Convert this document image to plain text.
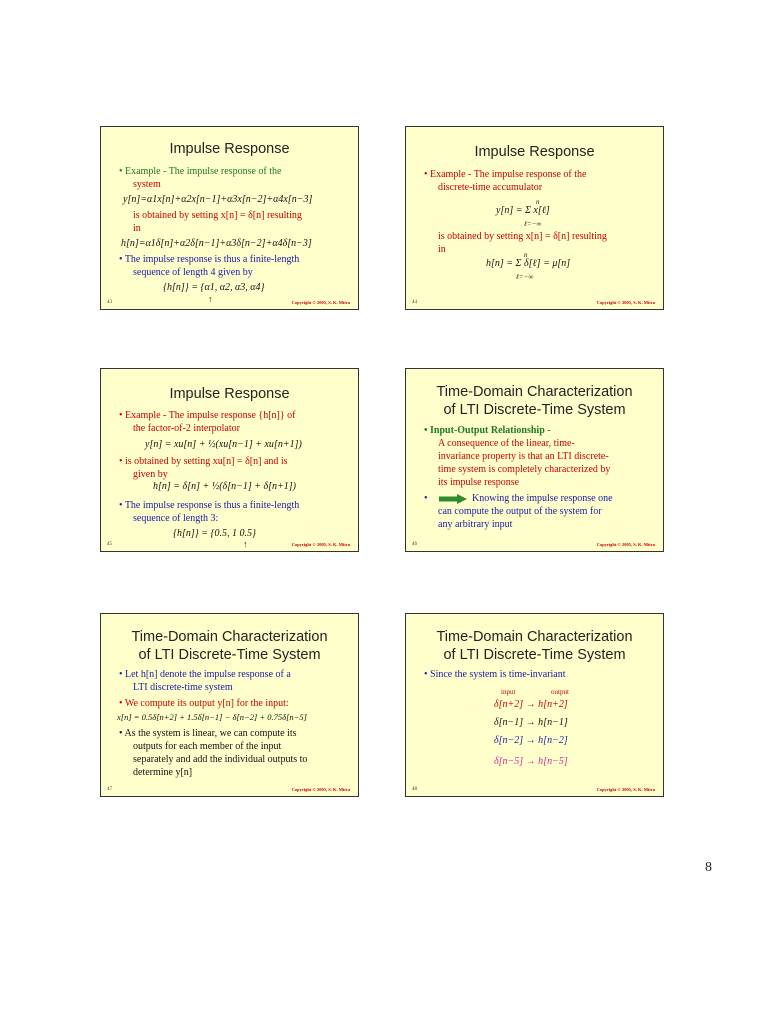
Impulse Response
• Example - The impulse response of the
system
y[n]=α1x[n]+α2x[n−1]+α3x[n−2]+α4x[n−3]
is obtained by setting x[n] = δ[n] resulting
in
h[n]=α1δ[n]+α2δ[n−1]+α3δ[n−2]+α4δ[n−3]
• The impulse response is thus a finite-length
sequence of length 4 given by
{h[n]} = {α1, α2, α3, α4}
↑
43	Copyright © 2005, S. K. Mitra
Impulse Response
• Example - The impulse response of the
discrete-time accumulator
n
y[n] = Σ x[ℓ]
ℓ=−∞
is obtained by setting x[n] = δ[n] resulting
in	n
h[n] = Σ δ[ℓ] = μ[n]
ℓ=−∞
44	Copyright © 2005, S. K. Mitra
Impulse Response
• Example - The impulse response {h[n]} of
the factor-of-2 interpolator
y[n] = xu[n] + ½(xu[n−1] + xu[n+1])
• is obtained by setting xu[n] = δ[n] and is
given by
h[n] = δ[n] + ½(δ[n−1] + δ[n+1])
• The impulse response is thus a finite-length
sequence of length 3:
{h[n]} = {0.5, 1 0.5}
↑
45	Copyright © 2005, S. K. Mitra
Time-Domain Characterization
of LTI Discrete-Time System
• Input-Output Relationship -
A consequence of the linear, time-
invariance property is that an LTI discrete-
time system is completely characterized by
its impulse response
•	Knowing the impulse response one
can compute the output of the system for
any arbitrary input
46	Copyright © 2005, S. K. Mitra
Time-Domain Characterization
of LTI Discrete-Time System
• Let h[n] denote the impulse response of a
LTI discrete-time system
• We compute its output y[n] for the input:
x[n] = 0.5δ[n+2] + 1.5δ[n−1] − δ[n−2] + 0.75δ[n−5]
• As the system is linear, we can compute its
outputs for each member of the input
separately and add the individual outputs to
determine y[n]
47	Copyright © 2005, S. K. Mitra
Time-Domain Characterization
of LTI Discrete-Time System
• Since the system is time-invariant
input	output
δ[n+2] → h[n+2]
δ[n−1] → h[n−1]
δ[n−2] → h[n−2]
δ[n−5] → h[n−5]
48	Copyright © 2005, S. K. Mitra
8
